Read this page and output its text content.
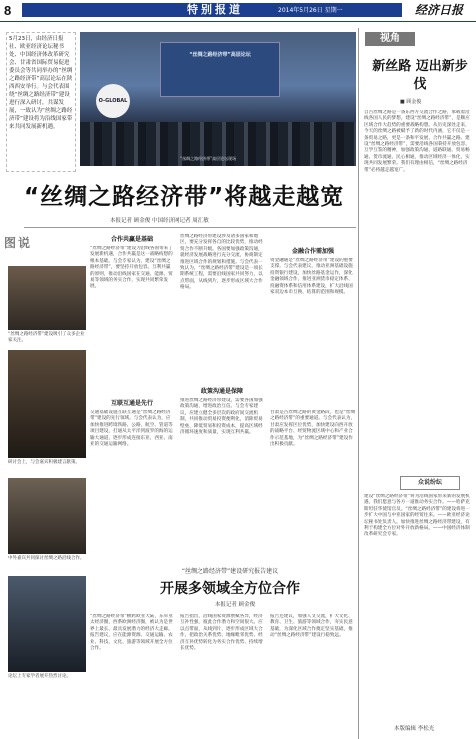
8	特别报道	2014年5月26日 星期一	经济日报
5月23日，由经济日报社、欧亚经济论坛秘书处、中国经济体改革研究会、甘肃省国际贸易促进委员会等共同举办的“丝绸之路经济带”高层论坛在陕西西安举行。与会代表围绕“丝绸之路经济带”建设进行深入研讨，共谋发展，一致认为“丝绸之路经济带”建设将为沿线国家带来共同发展新机遇。
“丝绸之路经济带”高层论坛
O-GLOBAL
“丝绸之路经济带”高层论坛现场
“丝绸之路经济带”将越走越宽
本报记者 顾金俊 中国经济网记者 周汇敏
图说
“丝绸之路经济带”建设吸引了众多企业家关注。
研讨会上，与会嘉宾积极建言献策。
中外嘉宾共同探讨丝绸之路沿线合作。
论坛上专家学者展开热烈讨论。
合作共赢是基础
“丝绸之路经济带”建设为沿线各国带来了发展新机遇，合作共赢是这一战略构想的根本基础。与会专家认为，建设“丝绸之路经济带”，要坚持开放包容、互利共赢的原则，推动沿线国家在交通、能源、贸易等领域的务实合作，实现共同繁荣发展。
互联互通是先行
交通基础设施互联互通是“丝绸之路经济带”建设的先行领域。与会代表认为，应加快推进跨境铁路、公路、航空、管道等项目建设，打通从太平洋到波罗的海的运输大通道，逐步形成连接东亚、西亚、南亚的交通运输网络。
丝绸之路经济带建设涉及诸多国家和地区，要充分发挥各自的比较优势，推动经贸合作不断升级。各国要加强政策沟通，就经济发展战略进行充分交流，协商制定推进区域合作的规划和措施。与会代表一致认为，“丝绸之路经济带”建设是一项长期系统工程，需要沿线国家共同努力，以点带面，从线到片，逐步形成区域大合作格局。
政策沟通是保障
推进丝绸之路经济带建设，需要各国加强政策沟通，增进政治互信。与会专家建议，应建立健全多层次的政府间交流机制，共同推动贸易投资便利化，消除贸易壁垒，降低贸易和投资成本，提高区域经济循环速度和质量，实现互利共赢。
金融合作需加强
资金融通是“丝绸之路经济带”建设的重要支撑。与会代表建议，推动亚洲基础设施投资银行建设，加快丝路基金运作，深化金融领域合作，推进亚洲货币稳定体系、投融资体系和信用体系建设，扩大沿线国家双边本币互换、结算的范围和规模。
甘肃是古丝绸之路的黄金路段，也是“丝绸之路经济带”的重要通道。与会代表认为，甘肃应发挥区位优势，加快建设向西开放的战略平台、经贸物流区域中心和产业合作示范基地，为“丝绸之路经济带”建设作出积极贡献。
“丝绸之路经济带”建设研究报告建议
开展多领域全方位合作
本报记者 顾金俊
“丝绸之路经济带”横跨欧亚大陆，东牵亚太经济圈，西系欧洲经济圈，被认为是世界上最长、最具发展潜力的经济大走廊。报告建议，应在能源资源、交通运输、农业、科技、文化、旅游等领域开展全方位合作。
报告指出，沿线国家资源禀赋各异，经济互补性强，彼此合作潜力和空间很大。应以点带面，从线到片，逐步形成区域大合作，把政治关系优势、地缘毗邻优势、经济互补优势转化为务实合作优势、持续增长优势。
报告还建议，加强人文交流，扩大文化、教育、卫生、旅游等领域合作，夯实民意基础，为深化区域合作奠定坚实基础，推动“丝绸之路经济带”建设行稳致远。
视角
新丝路 迈出新步伐
■ 顾金俊
自古丝绸之路是一条东西方交流合作之路，承载着沿线各国人民的梦想。建设“丝绸之路经济带”，是顺应区域合作大趋势的重要战略构想。从历史深处走来，今天的丝绸之路被赋予了新的时代内涵，它不仅是一条贸易之路，更是一条和平发展、合作共赢之路。建设“丝绸之路经济带”，需要沿线各国秉持开放包容、互学互鉴的精神，加强政策沟通、道路联通、贸易畅通、货币流通、民心相通，推动区域经济一体化，实现共同发展繁荣。我们有理由相信，“丝绸之路经济带”必将越走越宽广。
众说纷纭
建设“丝绸之路经济带”将为沿线国家带来新的发展机遇，我们愿意与各方一道推动务实合作。——哈萨克斯坦驻华使馆官员。“丝绸之路经济带”的建设将进一步扩大中国与中亚国家的经贸往来。——欧亚经济论坛秘书处负责人。加快推进丝绸之路经济带建设，有利于构建全方位对外开放新格局。——中国经济体制改革研究会专家。
本版编辑 李松光
